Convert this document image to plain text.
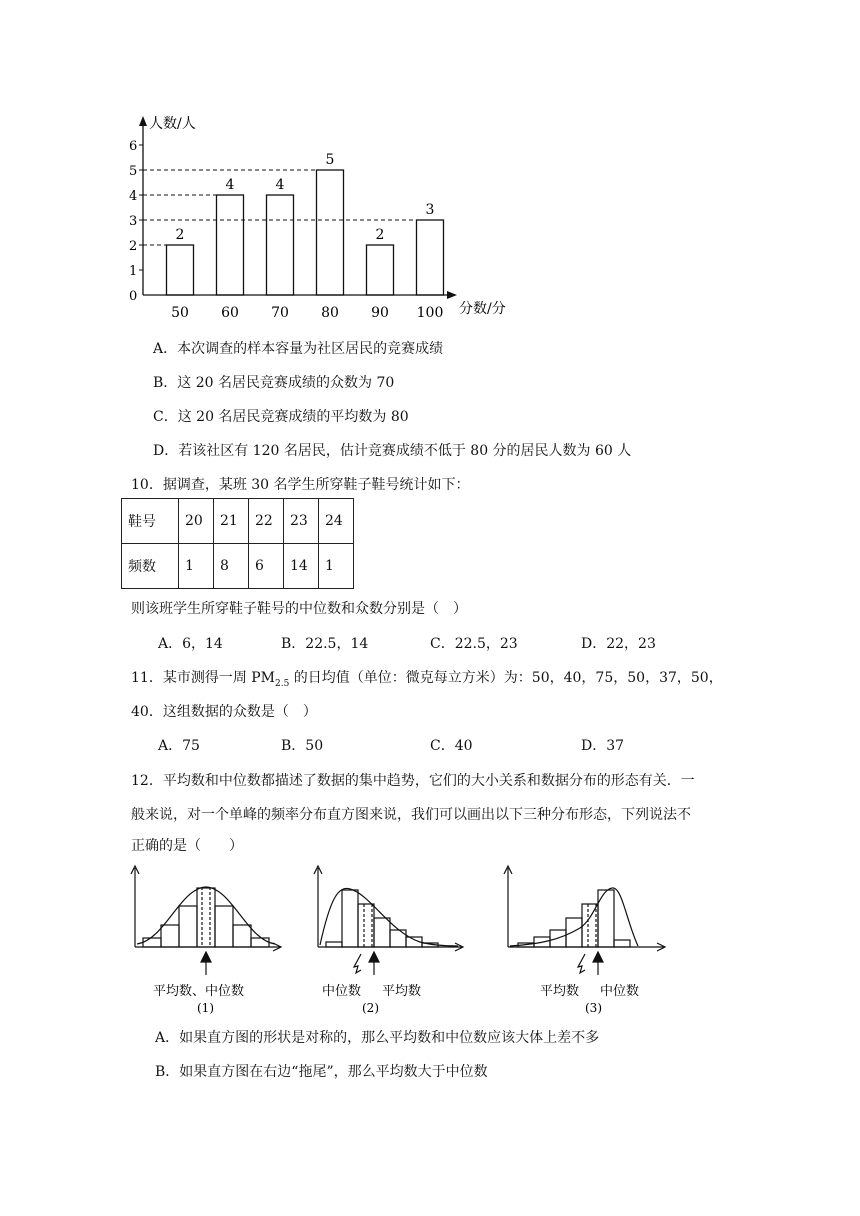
人数/人
分数/分
0
1
2
3
4
5
6
2
50
4
60
4
70
5
80
2
90
3
100
A．本次调查的样本容量为社区居民的竞赛成绩
B．这 20 名居民竞赛成绩的众数为 70
C．这 20 名居民竞赛成绩的平均数为 80
D．若该社区有 120 名居民，估计竞赛成绩不低于 80 分的居民人数为 60 人
10．据调查，某班 30 名学生所穿鞋子鞋号统计如下：
鞋号	20	21	22	23	24
频数	1	8	6	14	1
则该班学生所穿鞋子鞋号的中位数和众数分别是（　）
A．6，14	B．22.5，14	C．22.5，23	D．22，23
11．某市测得一周 $PM_{2.5}$ 的日均值（单位：微克每立方米）为：50，40，75，50，37，50，
40．这组数据的众数是（　）
A．75	B．50	C．40	D．37
12．平均数和中位数都描述了数据的集中趋势，它们的大小关系和数据分布的形态有关．一
般来说，对一个单峰的频率分布直方图来说，我们可以画出以下三种分布形态，下列说法不
正确的是（　　）
平均数、中位数
(1)
中位数 平均数
(2)
平均数 中位数
(3)
A．如果直方图的形状是对称的，那么平均数和中位数应该大体上差不多
B．如果直方图在右边“拖尾”，那么平均数大于中位数
